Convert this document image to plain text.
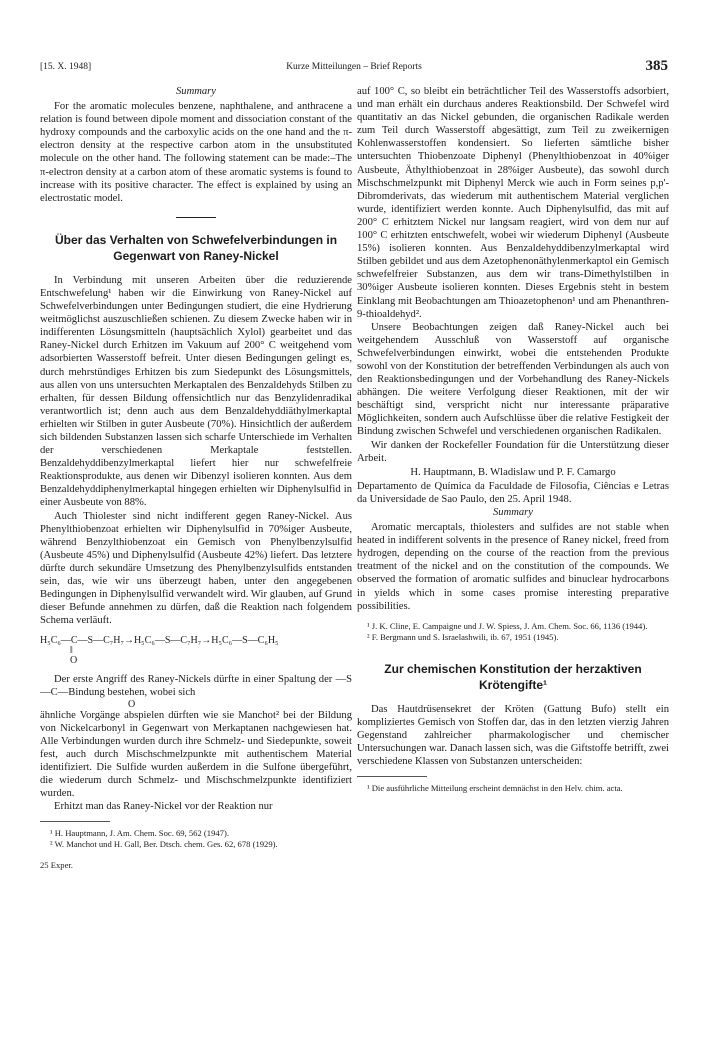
[15. X. 1948]	Kurze Mitteilungen – Brief Reports	385

Summary

For the aromatic molecules benzene, naphthalene, and anthracene a relation is found between dipole moment and dissociation constant of the hydroxy compounds and the carboxylic acids on the one hand and the π-electron density at the respective carbon atom in the unsubstituted molecule on the other hand. The following statement can be made:–The π-electron density at a carbon atom of these aromatic systems is found to increase with its positive character. The effect is explained by using an electrostatic model.

Über das Verhalten von Schwefelverbindungen in Gegenwart von Raney-Nickel

In Verbindung mit unseren Arbeiten über die reduzierende Entschwefelung¹ haben wir die Einwirkung von Raney-Nickel auf Schwefelverbindungen unter Bedingungen studiert, die eine Hydrierung weitmöglichst auszuschließen schienen. Zu diesem Zwecke haben wir in indifferenten Lösungsmitteln (hauptsächlich Xylol) gearbeitet und das Raney-Nickel durch Erhitzen im Vakuum auf 200° C weitgehend vom adsorbierten Wasserstoff befreit. Unter diesen Bedingungen gelingt es, durch mehrstündiges Erhitzen bis zum Siedepunkt des Lösungsmittels, aus allen von uns untersuchten Merkaptalen des Benzaldehyds Stilben zu erhalten, für dessen Bildung offensichtlich nur das Benzylidenradikal verantwortlich ist; denn auch aus dem Benzaldehyddiäthylmerkaptal erhielten wir Stilben in guter Ausbeute (70%). Hinsichtlich der außerdem sich bildenden Substanzen lassen sich scharfe Unterschiede im Verhalten der verschiedenen Merkaptale feststellen. Benzaldehyddibenzylmerkaptal liefert hier nur schwefelfreie Reaktionsprodukte, aus denen wir Dibenzyl isolieren konnten. Aus dem Benzaldehyddiphenylmerkaptal hingegen erhielten wir Diphenylsulfid in einer Ausbeute von 88%.

Auch Thiolester sind nicht indifferent gegen Raney-Nickel. Aus Phenylthiobenzoat erhielten wir Diphenylsulfid in 70%iger Ausbeute, während Benzylthiobenzoat ein Gemisch von Phenylbenzylsulfid (Ausbeute 45%) und Diphenylsulfid (Ausbeute 42%) liefert. Das letztere dürfte durch sekundäre Umsetzung des Phenylbenzylsulfids entstanden sein, das, wie wir uns überzeugt haben, unter den angegebenen Bedingungen in Diphenylsulfid verwandelt wird. Wir glauben, auf Grund dieser Befunde annehmen zu dürfen, daß die Reaktion nach folgendem Schema verläuft.

H₅C₆—C—S—C₇H₇→H₅C₆—S—C₇H₇→H₅C₆—S—C₆H₅
‖
O

Der erste Angriff des Raney-Nickels dürfte in einer Spaltung der —S—C—Bindung bestehen, wobei sich

O

ähnliche Vorgänge abspielen dürften wie sie Manchot² bei der Bildung von Nickelcarbonyl in Gegenwart von Merkaptanen nachgewiesen hat. Alle Verbindungen wurden durch ihre Schmelz- und Siedepunkte, soweit fest, auch durch Mischschmelzpunkte mit authentischem Material identifiziert. Die Sulfide wurden außerdem in die Sulfone übergeführt, die wiederum durch Schmelz- und Mischschmelzpunkte identifiziert wurden.

Erhitzt man das Raney-Nickel vor der Reaktion nur

¹ H. Hauptmann, J. Am. Chem. Soc. 69, 562 (1947).

² W. Manchot und H. Gall, Ber. Dtsch. chem. Ges. 62, 678 (1929).

25 Exper.

auf 100° C, so bleibt ein beträchtlicher Teil des Wasserstoffs adsorbiert, und man erhält ein durchaus anderes Reaktionsbild. Der Schwefel wird quantitativ an das Nickel gebunden, die organischen Radikale werden zum Teil durch Wasserstoff abgesättigt, zum Teil zu zweikernigen Kohlenwasserstoffen kondensiert. So lieferten sämtliche bisher untersuchten Thiobenzoate Diphenyl (Phenylthiobenzoat in 40%iger Ausbeute, Äthylthiobenzoat in 28%iger Ausbeute), das sowohl durch Mischschmelzpunkt mit Diphenyl Merck wie auch in Form seines p,p'-Dibromderivats, das wiederum mit authentischem Material verglichen wurde, identifiziert werden konnte. Auch Diphenylsulfid, das mit auf 200° C erhitztem Nickel nur langsam reagiert, wird von dem nur auf 100° C erhitzten entschwefelt, wobei wir wiederum Diphenyl (Ausbeute 15%) isolieren konnten. Aus Benzaldehyddibenzylmerkaptal wird Stilben gebildet und aus dem Azetophenonäthylenmerkaptol ein Gemisch schwefelfreier Substanzen, aus dem wir trans-Dimethylstilben in 30%iger Ausbeute isolieren konnten. Dieses Ergebnis steht in bestem Einklang mit Beobachtungen am Thioazetophenon¹ und am Phenanthren-9-thioaldehyd².

Unsere Beobachtungen zeigen daß Raney-Nickel auch bei weitgehendem Ausschluß von Wasserstoff auf organische Schwefelverbindungen einwirkt, wobei die entstehenden Produkte sowohl von der Konstitution der betreffenden Verbindungen als auch von den Reaktionsbedingungen und der Vorbehandlung des Raney-Nickels abhängen. Die weitere Verfolgung dieser Reaktionen, mit der wir beschäftigt sind, verspricht nicht nur interessante präparative Möglichkeiten, sondern auch Aufschlüsse über die relative Festigkeit der Bindung zwischen Schwefel und verschiedenen organischen Radikalen.

Wir danken der Rockefeller Foundation für die Unterstützung dieser Arbeit.

H. Hauptmann, B. Wladislaw und P. F. Camargo

Departamento de Química da Faculdade de Filosofia, Ciências e Letras da Universidade de Sao Paulo, den 25. April 1948.

Summary

Aromatic mercaptals, thiolesters and sulfides are not stable when heated in indifferent solvents in the presence of Raney nickel, freed from hydrogen, depending on the course of the reaction from the previous treatment of the nickel and on the constitution of the compounds. We observed the formation of aromatic sulfides and binuclear hydrocarbons in yields which in some cases promise interesting preparative possibilities.

¹ J. K. Cline, E. Campaigne und J. W. Spiess, J. Am. Chem. Soc. 66, 1136 (1944).

² F. Bergmann und S. Israelashwili, ib. 67, 1951 (1945).

Zur chemischen Konstitution der herzaktiven Krötengifte¹

Das Hautdrüsensekret der Kröten (Gattung Bufo) stellt ein kompliziertes Gemisch von Stoffen dar, das in den letzten vierzig Jahren Gegenstand zahlreicher pharmakologischer und chemischer Untersuchungen war. Danach lassen sich, was die Giftstoffe betrifft, zwei verschiedene Klassen von Substanzen unterscheiden:

¹ Die ausführliche Mitteilung erscheint demnächst in den Helv. chim. acta.
